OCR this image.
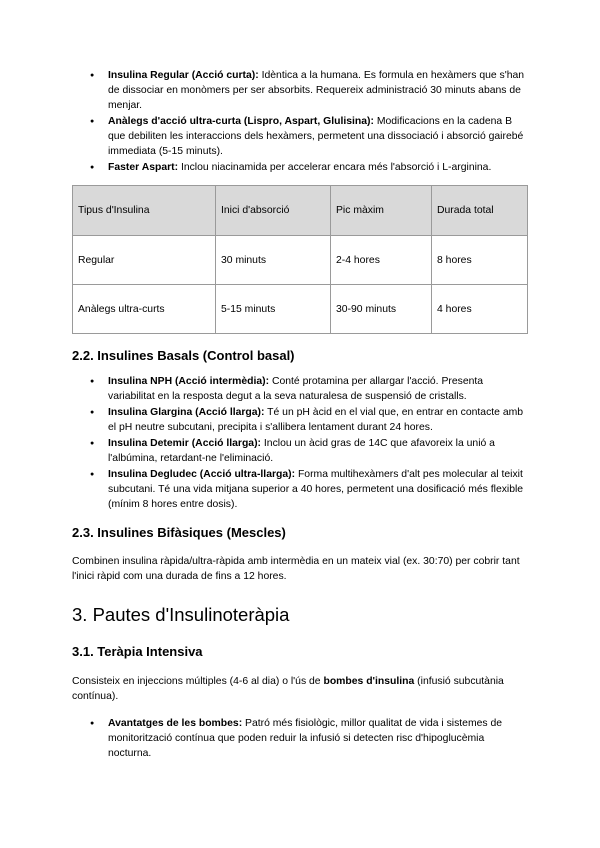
● Insulina Regular (Acció curta): Idèntica a la humana. Es formula en hexàmers que s'han de dissociar en monòmers per ser absorbits. Requereix administració 30 minuts abans de menjar.
● Anàlegs d'acció ultra-curta (Lispro, Aspart, Glulisina): Modificacions en la cadena B que debiliten les interaccions dels hexàmers, permetent una dissociació i absorció gairebé immediata (5-15 minuts).
● Faster Aspart: Inclou niacinamida per accelerar encara més l'absorció i L-arginina.
Tipus d'Insulina	Inici d'absorció	Pic màxim	Durada total
Regular	30 minuts	2-4 hores	8 hores
Anàlegs ultra-curts	5-15 minuts	30-90 minuts	4 hores
2.2. Insulines Basals (Control basal)
● Insulina NPH (Acció intermèdia): Conté protamina per allargar l'acció. Presenta variabilitat en la resposta degut a la seva naturalesa de suspensió de cristalls.
● Insulina Glargina (Acció llarga): Té un pH àcid en el vial que, en entrar en contacte amb el pH neutre subcutani, precipita i s'allibera lentament durant 24 hores.
● Insulina Detemir (Acció llarga): Inclou un àcid gras de 14C que afavoreix la unió a l'albúmina, retardant-ne l'eliminació.
● Insulina Degludec (Acció ultra-llarga): Forma multihexàmers d'alt pes molecular al teixit subcutani. Té una vida mitjana superior a 40 hores, permetent una dosificació més flexible (mínim 8 hores entre dosis).
2.3. Insulines Bifàsiques (Mescles)

Combinen insulina ràpida/ultra-ràpida amb intermèdia en un mateix vial (ex. 30:70) per cobrir tant l'inici ràpid com una durada de fins a 12 hores.

3. Pautes d'Insulinoteràpia
3.1. Teràpia Intensiva

Consisteix en injeccions múltiples (4-6 al dia) o l'ús de bombes d'insulina (infusió subcutània contínua).

● Avantatges de les bombes: Patró més fisiològic, millor qualitat de vida i sistemes de monitorització contínua que poden reduir la infusió si detecten risc d'hipoglucèmia nocturna.
